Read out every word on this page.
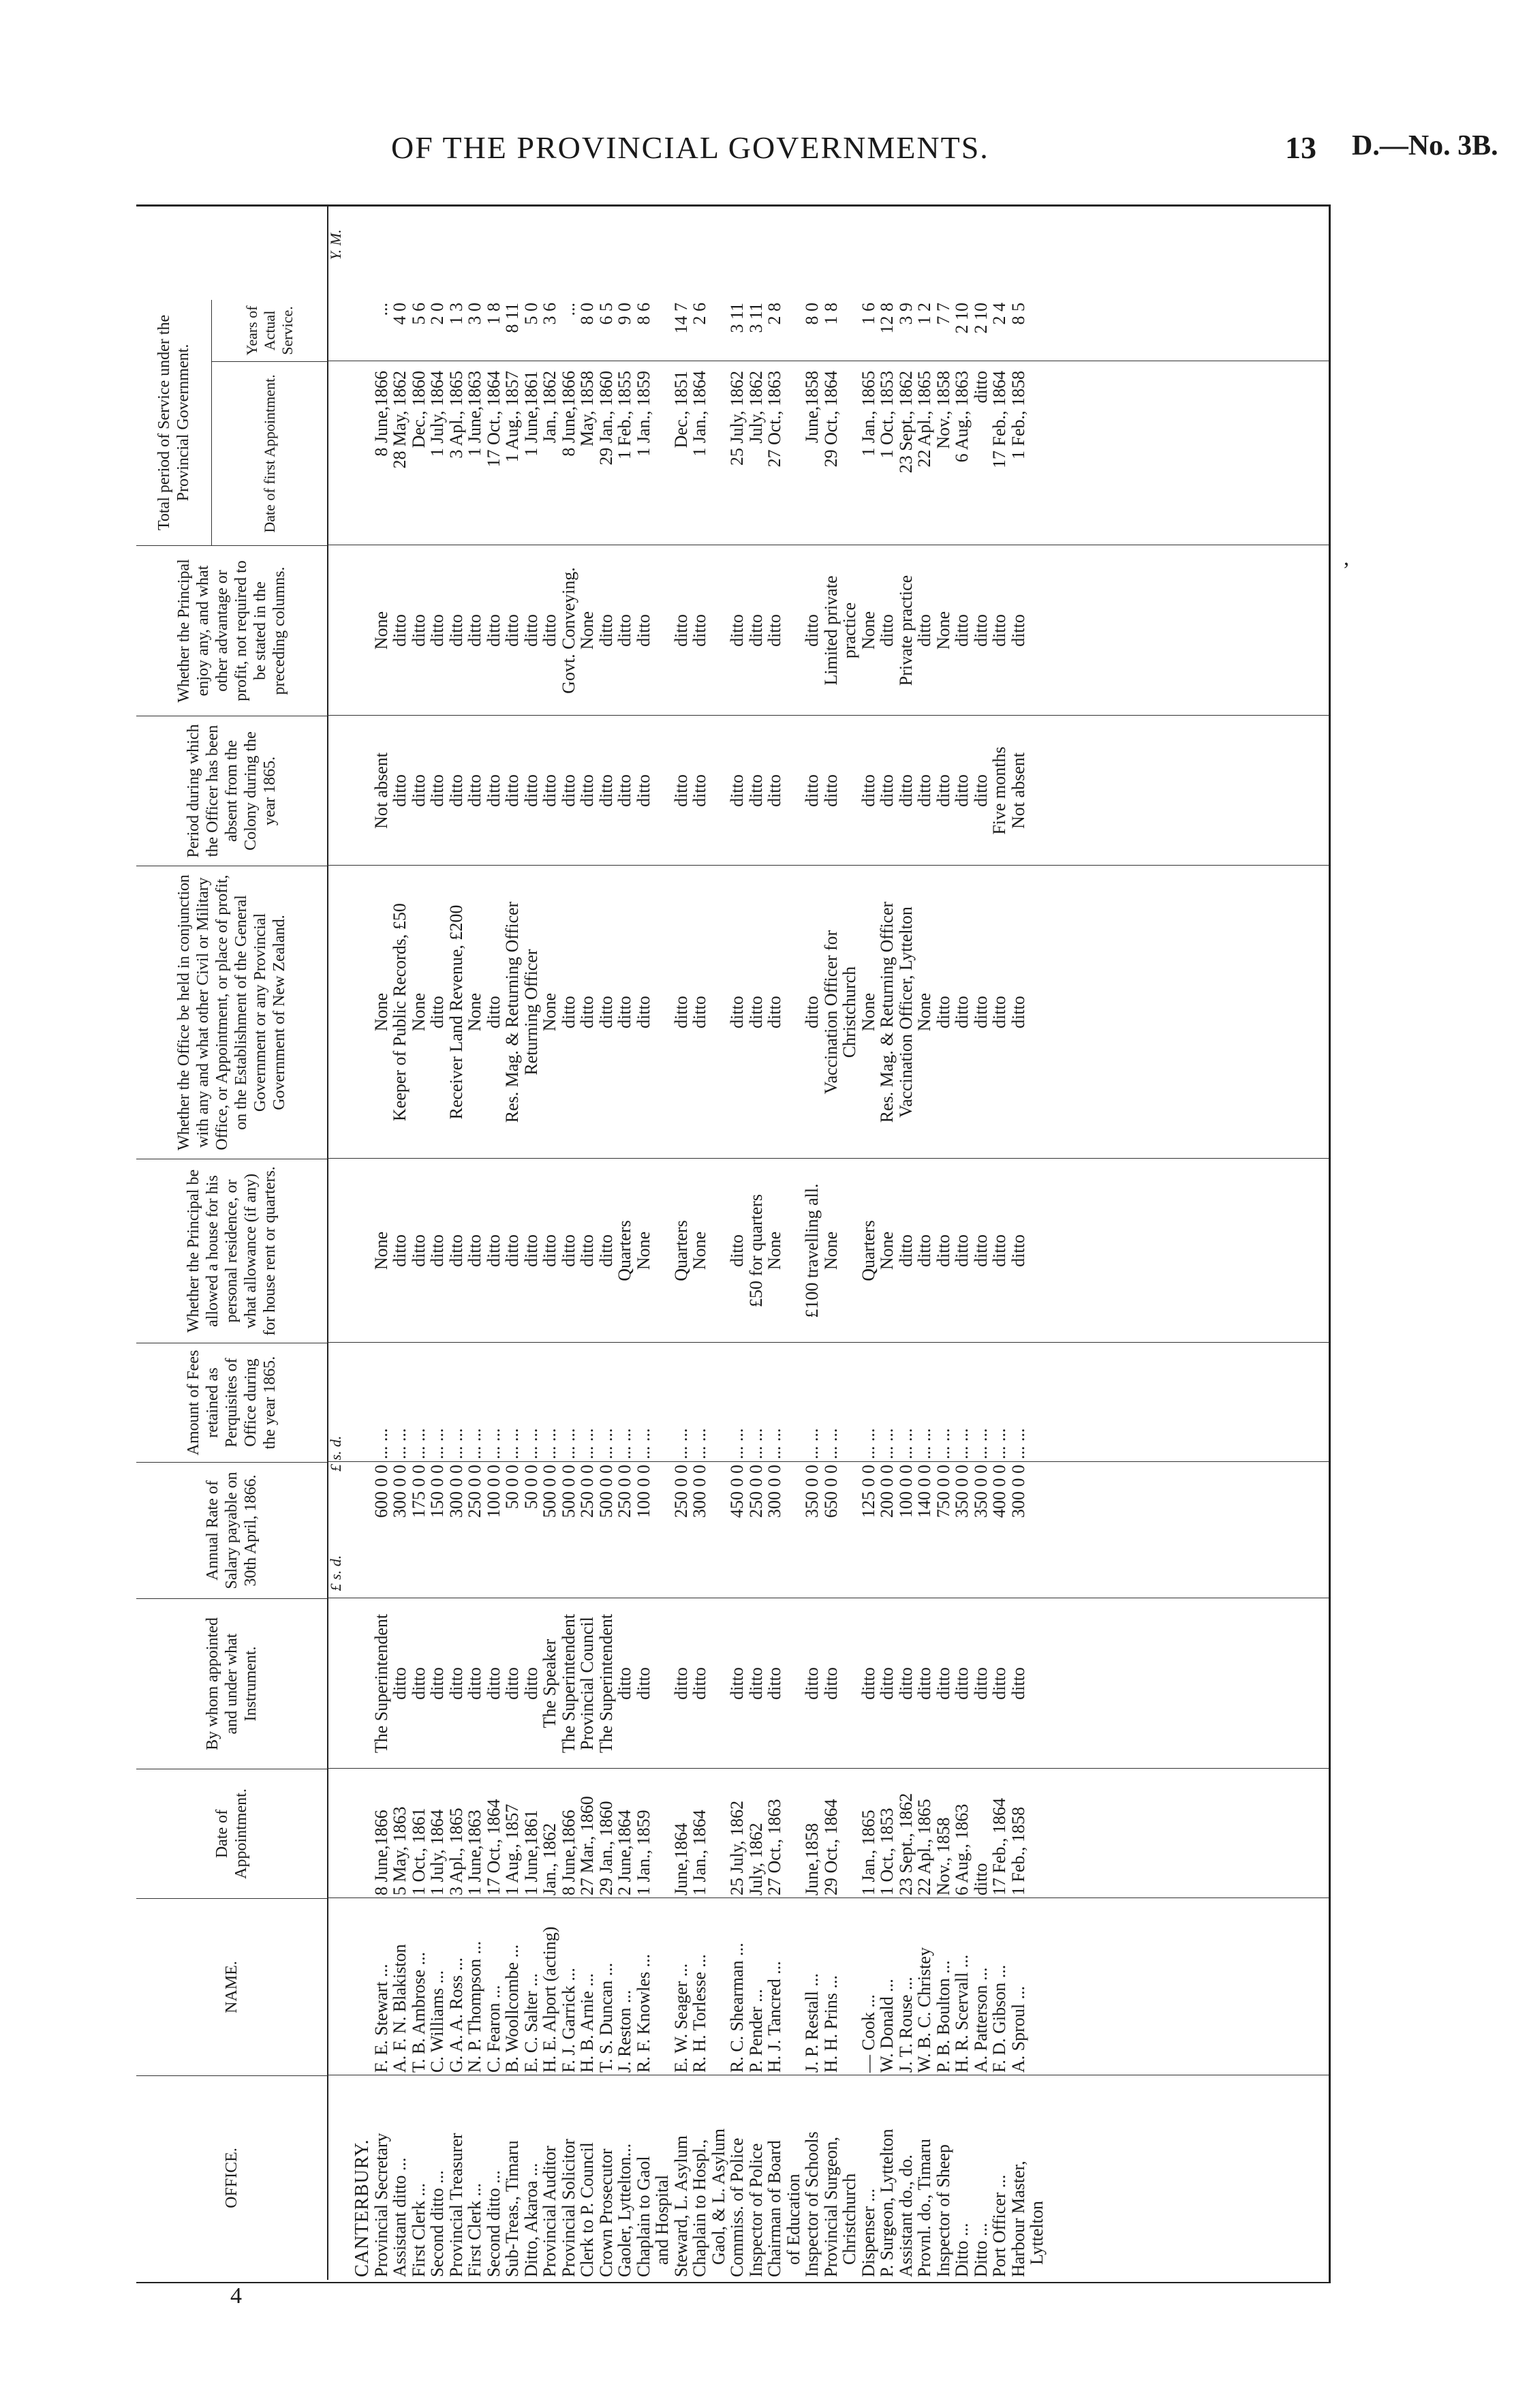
OF THE PROVINCIAL GOVERNMENTS.	13 D.—No. 3B.
,
OFFICE.
NAME.
Date of Appointment.
By whom appointed and under what Instrument.
Annual Rate of Salary payable on 30th April, 1866.
Amount of Fees retained as Perquisites of Office during the year 1865.
Whether the Principal be allowed a house for his personal residence, or what allowance (if any) for house rent or quarters.
Whether the Office be held in conjunction with any and what other Civil or Military Office, or Appointment, or place of profit, on the Establishment of the General Government or any Provincial Government of New Zealand.
Period during which the Officer has been absent from the Colony during the year 1865.
Whether the Principal enjoy any, and what other advantage or profit, not required to be stated in the preceding columns.
Total period of Service under the Provincial Government.	Date of first Appointment.
Years of Actual Service.
£ s. d.
£ s. d.
Y. M.
CANTERBURY.
Provincial Secretary
F. E. Stewart ...
8 June,1866
The Superintendent
600 0 0
... ...
None
None
Not absent
None
8 June,1866
...
Assistant ditto ...
A. F. N. Blakiston
5 May, 1863
ditto
300 0 0
... ...
ditto
Keeper of Public Records, £50
ditto
ditto
28 May, 1862
4 0
First Clerk ...
T. B. Ambrose ...
1 Oct., 1861
ditto
175 0 0
... ...
ditto
None
ditto
ditto
Dec., 1860
5 6
Second ditto ...
C. Williams ...
1 July, 1864
ditto
150 0 0
... ...
ditto
ditto
ditto
ditto
1 July, 1864
2 0
Provincial Treasurer
G. A. A. Ross ...
3 Apl., 1865
ditto
300 0 0
... ...
ditto
Receiver Land Revenue, £200
ditto
ditto
3 Apl., 1865
1 3
First Clerk ...
N. P. Thompson ...
1 June,1863
ditto
250 0 0
... ...
ditto
None
ditto
ditto
1 June,1863
3 0
Second ditto ...
C. Fearon ...
17 Oct., 1864
ditto
100 0 0
... ...
ditto
ditto
ditto
ditto
17 Oct., 1864
1 8
Sub-Treas., Timaru
B. Woollcombe ...
1 Aug., 1857
ditto
50 0 0
... ...
ditto
Res. Mag. & Returning Officer
ditto
ditto
1 Aug., 1857
8 11
Ditto, Akaroa ...
E. C. Salter ...
1 June,1861
ditto
50 0 0
... ...
ditto
Returning Officer
ditto
ditto
1 June,1861
5 0
Provincial Auditor
H. E. Alport (acting)
Jan., 1862
The Speaker
500 0 0
... ...
ditto
None
ditto
ditto
Jan., 1862
3 6
Provincial Solicitor
F. J. Garrick ...
8 June,1866
The Superintendent
500 0 0
... ...
ditto
ditto
ditto
Govt. Conveying.
8 June,1866
...
Clerk to P. Council
H. B. Arnie ...
27 Mar., 1860
Provincial Council
250 0 0
... ...
ditto
ditto
ditto
None
May, 1858
8 0
Crown Prosecutor
T. S. Duncan ...
29 Jan., 1860
The Superintendent
500 0 0
... ...
ditto
ditto
ditto
ditto
29 Jan., 1860
6 5
Gaoler, Lyttelton...
J. Reston ...
2 June,1864
ditto
250 0 0
... ...
Quarters
ditto
ditto
ditto
1 Feb., 1855
9 0
Chaplain to Gaol
R. F. Knowles ...
1 Jan., 1859
ditto
100 0 0
... ...
None
ditto
ditto
ditto
1 Jan., 1859
8 6
and Hospital
Steward, L. Asylum
E. W. Seager ...
June,1864
ditto
250 0 0
... ...
Quarters
ditto
ditto
ditto
Dec., 1851
14 7
Chaplain to Hospl.,
R. H. Torlesse ...
1 Jan., 1864
ditto
300 0 0
... ...
None
ditto
ditto
ditto
1 Jan., 1864
2 6
Gaol, & L. Asylum
Commiss. of Police
R. C. Shearman ...
25 July, 1862
ditto
450 0 0
... ...
ditto
ditto
ditto
ditto
25 July, 1862
3 11
Inspector of Police
P. Pender ...
July, 1862
ditto
250 0 0
... ...
£50 for quarters
ditto
ditto
ditto
July, 1862
3 11
Chairman of Board
H. J. Tancred ...
27 Oct., 1863
ditto
300 0 0
... ...
None
ditto
ditto
ditto
27 Oct., 1863
2 8
of Education
Inspector of Schools
J. P. Restall ...
June,1858
ditto
350 0 0
... ...
£100 travelling all.
ditto
ditto
ditto
June,1858
8 0
Provincial Surgeon,
H. H. Prins ...
29 Oct., 1864
ditto
650 0 0
... ...
None
Vaccination Officer for
ditto
Limited private
29 Oct., 1864
1 8
Christchurch
Christchurch
practice
Dispenser ...
— Cook ...
1 Jan., 1865
ditto
125 0 0
... ...
Quarters
None
ditto
None
1 Jan., 1865
1 6
P. Surgeon, Lyttelton
W. Donald ...
1 Oct., 1853
ditto
200 0 0
... ...
None
Res. Mag. & Returning Officer
ditto
ditto
1 Oct., 1853
12 8
Assistant do., do.
J. T. Rouse ...
23 Sept., 1862
ditto
100 0 0
... ...
ditto
Vaccination Officer, Lyttelton
ditto
Private practice
23 Sept., 1862
3 9
Provnl. do., Timaru
W. B. C. Christey
22 Apl., 1865
ditto
140 0 0
... ...
ditto
None
ditto
ditto
22 Apl., 1865
1 2
Inspector of Sheep
P. B. Boulton ...
Nov., 1858
ditto
750 0 0
... ...
ditto
ditto
ditto
None
Nov., 1858
7 7
Ditto ...
H. R. Scervall ...
6 Aug., 1863
ditto
350 0 0
... ...
ditto
ditto
ditto
ditto
6 Aug., 1863
2 10
Ditto ...
A. Patterson ...
ditto
ditto
350 0 0
... ...
ditto
ditto
ditto
ditto
ditto
2 10
Port Officer ...
F. D. Gibson ...
17 Feb., 1864
ditto
400 0 0
... ...
ditto
ditto
Five months
ditto
17 Feb., 1864
2 4
Harbour Master,
A. Sproul ...
1 Feb., 1858
ditto
300 0 0
... ...
ditto
ditto
Not absent
ditto
1 Feb., 1858
8 5
Lyttelton
4
